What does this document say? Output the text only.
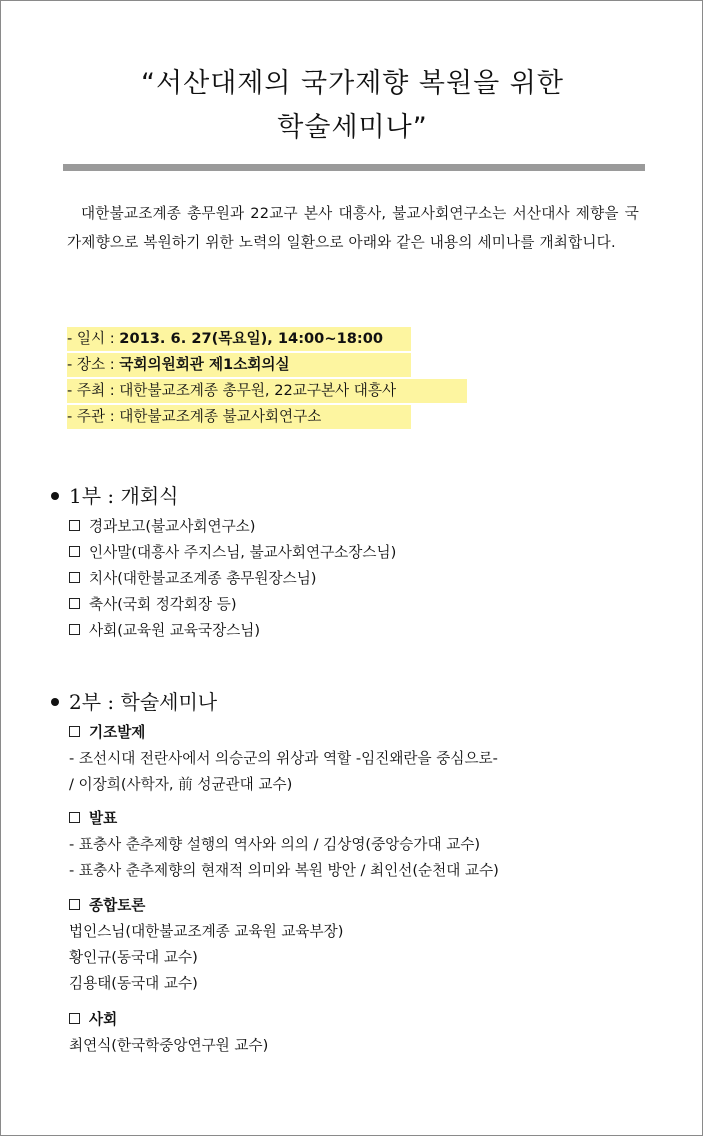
“서산대제의 국가제향 복원을 위한
학술세미나”
대한불교조계종 총무원과 22교구 본사 대흥사, 불교사회연구소는 서산대사 제향을 국가제향으로 복원하기 위한 노력의 일환으로 아래와 같은 내용의 세미나를 개최합니다.
- 일시 : 2013. 6. 27(목요일), 14:00~18:00
- 장소 : 국회의원회관 제1소회의실
- 주최 : 대한불교조계종 총무원, 22교구본사 대흥사
- 주관 : 대한불교조계종 불교사회연구소
1부 : 개회식
경과보고(불교사회연구소)
인사말(대흥사 주지스님, 불교사회연구소장스님)
치사(대한불교조계종 총무원장스님)
축사(국회 정각회장 등)
사회(교육원 교육국장스님)
2부 : 학술세미나
기조발제
- 조선시대 전란사에서 의승군의 위상과 역할 -임진왜란을 중심으로-
/ 이장희(사학자, 前 성균관대 교수)
발표
- 표충사 춘추제향 설행의 역사와 의의 / 김상영(중앙승가대 교수)
- 표충사 춘추제향의 현재적 의미와 복원 방안 / 최인선(순천대 교수)
종합토론
법인스님(대한불교조계종 교육원 교육부장)
황인규(동국대 교수)
김용태(동국대 교수)
사회
최연식(한국학중앙연구원 교수)
